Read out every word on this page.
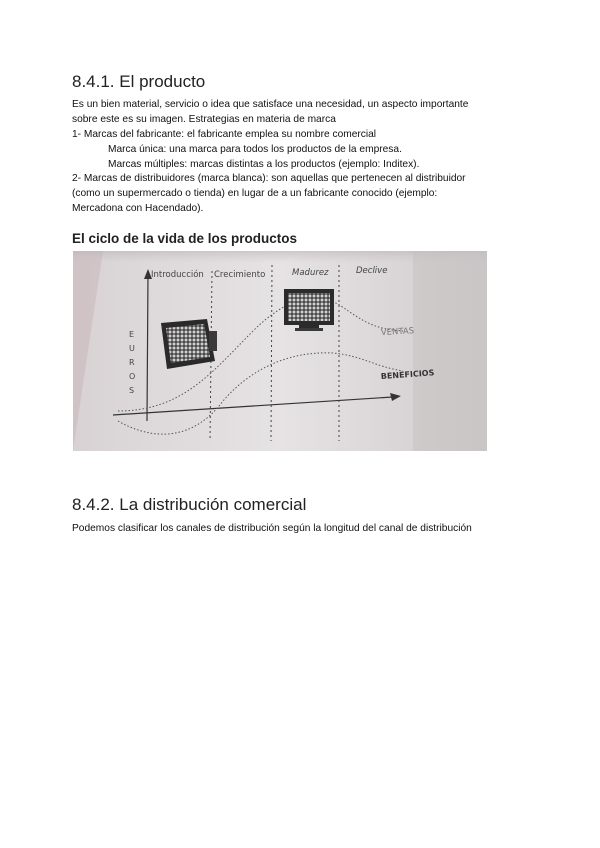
8.4.1. El producto

Es un bien material, servicio o idea que satisface una necesidad, un aspecto importante

sobre este es su imagen. Estrategias en materia de marca

1- Marcas del fabricante: el fabricante emplea su nombre comercial

Marca única: una marca para todos los productos de la empresa.

Marcas múltiples: marcas distintas a los productos (ejemplo: Inditex).

2- Marcas de distribuidores (marca blanca): son aquellas que pertenecen al distribuidor

(como un supermercado o tienda) en lugar de a un fabricante conocido (ejemplo:

Mercadona con Hacendado).

El ciclo de la vida de los productos
Introducción Crecimiento	Madurez	Declive
E
U
R
O
S
VENTAS
BENEFICIOS
8.4.2. La distribución comercial

Podemos clasificar los canales de distribución según la longitud del canal de distribución
